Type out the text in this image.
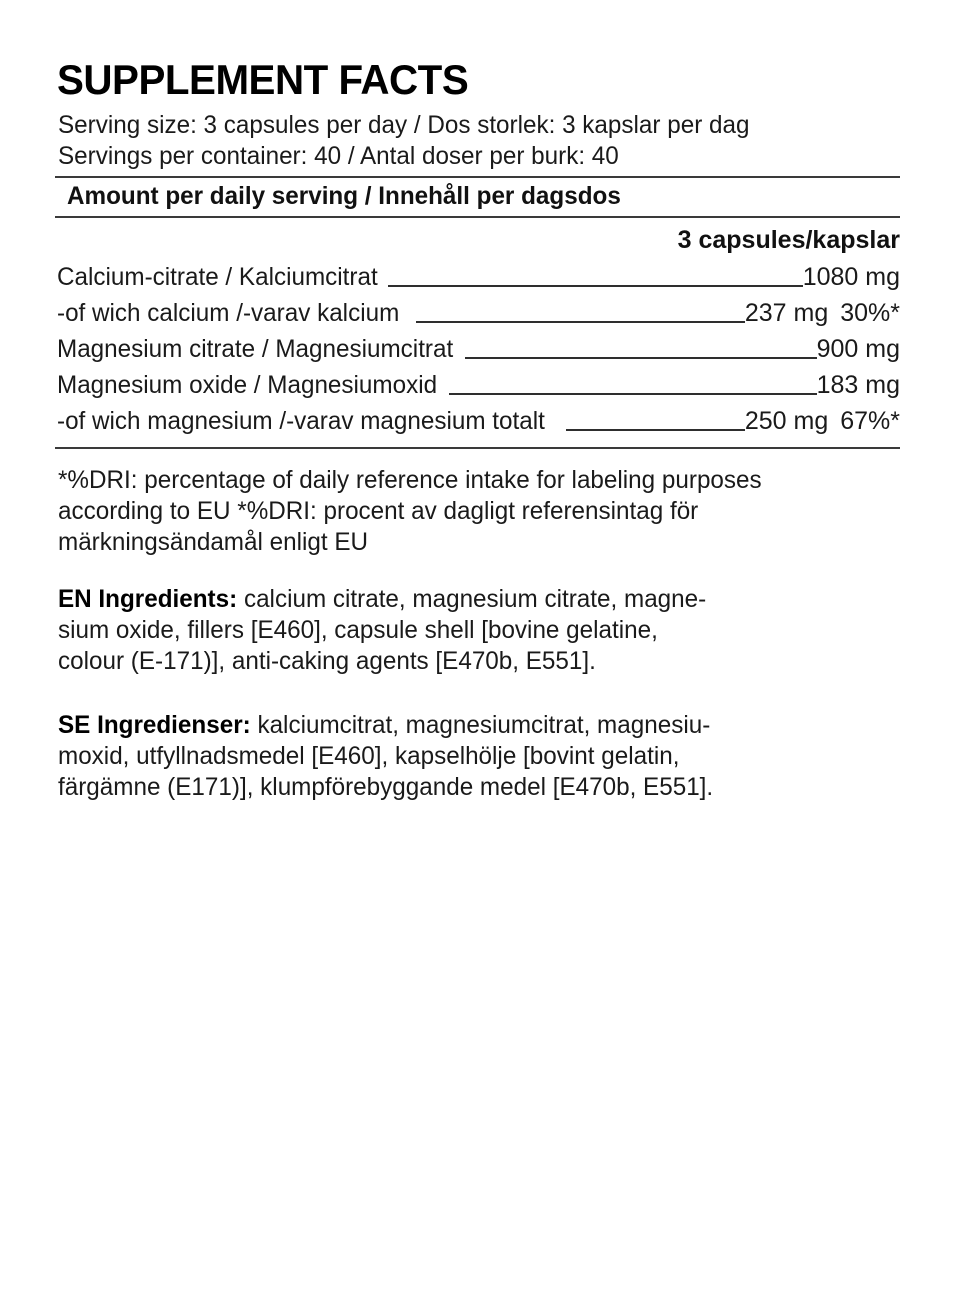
SUPPLEMENT FACTS
Serving size: 3 capsules per day / Dos storlek: 3 kapslar per dag
Servings per container: 40 / Antal doser per burk: 40
Amount per daily serving / Innehåll per dagsdos
3 capsules/kapslar
Calcium-citrate / Kalciumcitrat	1080 mg
-of wich calcium /-varav kalcium	237 mg 30%*
Magnesium citrate / Magnesiumcitrat	900 mg
Magnesium oxide / Magnesiumoxid	183 mg
-of wich magnesium /-varav magnesium totalt	250 mg 67%*
*%DRI: percentage of daily reference intake for labeling purposes
according to EU *%DRI: procent av dagligt referensintag för
märkningsändamål enligt EU
EN Ingredients: calcium citrate, magnesium citrate, magne-
sium oxide, fillers [E460], capsule shell [bovine gelatine,
colour (E-171)], anti-caking agents [E470b, E551].
SE Ingredienser: kalciumcitrat, magnesiumcitrat, magnesiu-
moxid, utfyllnadsmedel [E460], kapselhölje [bovint gelatin,
färgämne (E171)], klumpförebyggande medel [E470b, E551].
